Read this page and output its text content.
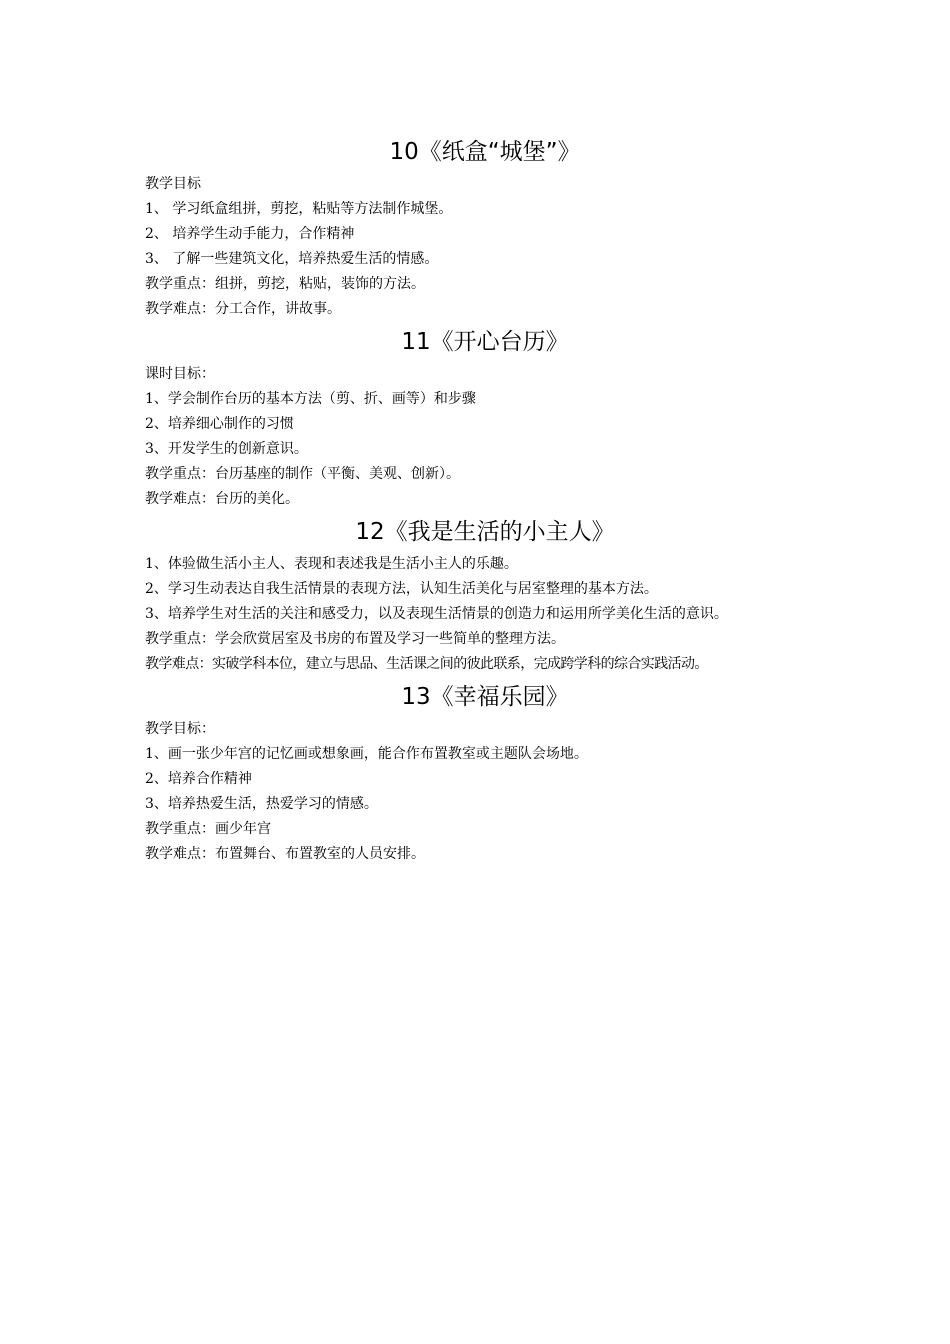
10《纸盒“城堡”》

教学目标

1、 学习纸盒组拼，剪挖，粘贴等方法制作城堡。

2、 培养学生动手能力，合作精神

3、 了解一些建筑文化，培养热爱生活的情感。

教学重点：组拼，剪挖，粘贴，装饰的方法。

教学难点：分工合作，讲故事。

11《开心台历》

课时目标：

1、学会制作台历的基本方法（剪、折、画等）和步骤

2、培养细心制作的习惯

3、开发学生的创新意识。

教学重点：台历基座的制作（平衡、美观、创新）。

教学难点：台历的美化。

12《我是生活的小主人》

1、体验做生活小主人、表现和表述我是生活小主人的乐趣。

2、学习生动表达自我生活情景的表现方法，认知生活美化与居室整理的基本方法。

3、培养学生对生活的关注和感受力，以及表现生活情景的创造力和运用所学美化生活的意识。

教学重点：学会欣赏居室及书房的布置及学习一些简单的整理方法。

教学难点：实破学科本位，建立与思品、生活课之间的彼此联系，完成跨学科的综合实践活动。

13《幸福乐园》

教学目标：

1、画一张少年宫的记忆画或想象画，能合作布置教室或主题队会场地。

2、培养合作精神

3、培养热爱生活，热爱学习的情感。

教学重点：画少年宫

教学难点：布置舞台、布置教室的人员安排。
